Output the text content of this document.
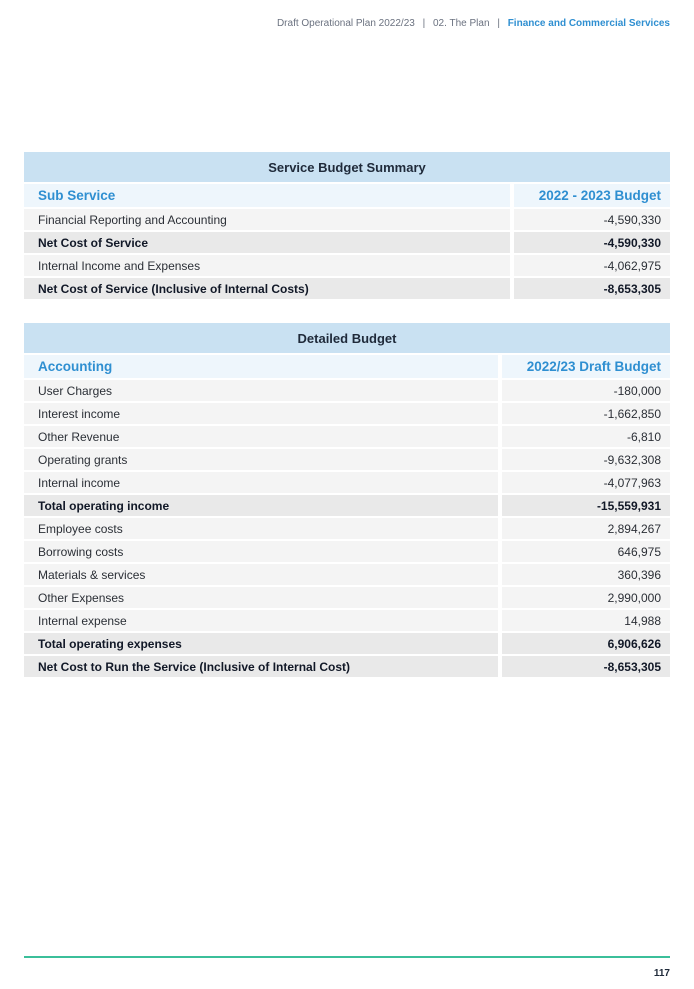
Draft Operational Plan 2022/23 | 02. The Plan | Finance and Commercial Services
Service Budget Summary
Sub Service	2022 - 2023 Budget
Financial Reporting and Accounting	-4,590,330
Net Cost of Service	-4,590,330
Internal Income and Expenses	-4,062,975
Net Cost of Service (Inclusive of Internal Costs)	-8,653,305
Detailed Budget
Accounting	2022/23 Draft Budget
User Charges	-180,000
Interest income	-1,662,850
Other Revenue	-6,810
Operating grants	-9,632,308
Internal income	-4,077,963
Total operating income	-15,559,931
Employee costs	2,894,267
Borrowing costs	646,975
Materials & services	360,396
Other Expenses	2,990,000
Internal expense	14,988
Total operating expenses	6,906,626
Net Cost to Run the Service (Inclusive of Internal Cost)	-8,653,305
117
